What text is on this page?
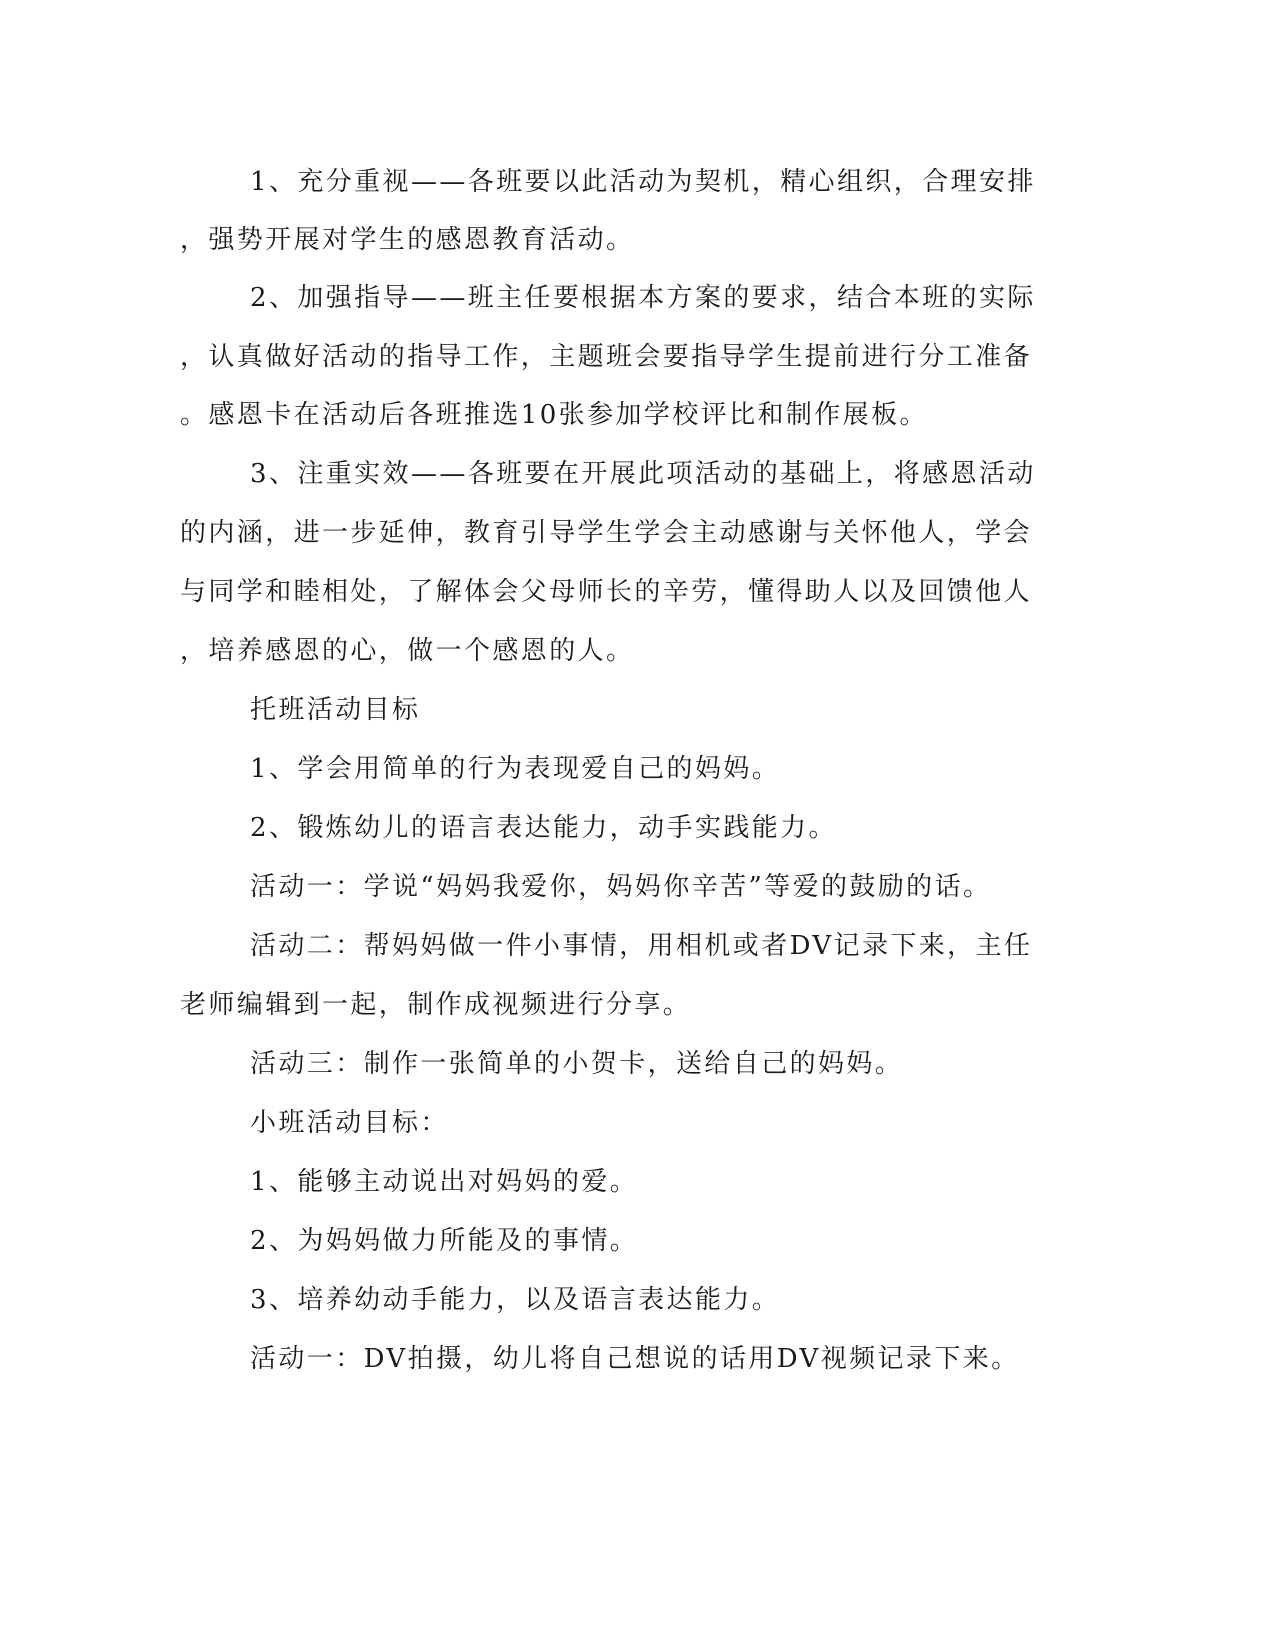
1、充分重视——各班要以此活动为契机，精心组织，合理安排
，强势开展对学生的感恩教育活动。
2、加强指导——班主任要根据本方案的要求，结合本班的实际
，认真做好活动的指导工作，主题班会要指导学生提前进行分工准备
。感恩卡在活动后各班推选10张参加学校评比和制作展板。
3、注重实效——各班要在开展此项活动的基础上，将感恩活动
的内涵，进一步延伸，教育引导学生学会主动感谢与关怀他人，学会
与同学和睦相处，了解体会父母师长的辛劳，懂得助人以及回馈他人
，培养感恩的心，做一个感恩的人。
托班活动目标
1、学会用简单的行为表现爱自己的妈妈。
2、锻炼幼儿的语言表达能力，动手实践能力。
活动一：学说“妈妈我爱你，妈妈你辛苦”等爱的鼓励的话。
活动二：帮妈妈做一件小事情，用相机或者DV记录下来，主任
老师编辑到一起，制作成视频进行分享。
活动三：制作一张简单的小贺卡，送给自己的妈妈。
小班活动目标：
1、能够主动说出对妈妈的爱。
2、为妈妈做力所能及的事情。
3、培养幼动手能力，以及语言表达能力。
活动一：DV拍摄，幼儿将自己想说的话用DV视频记录下来。
